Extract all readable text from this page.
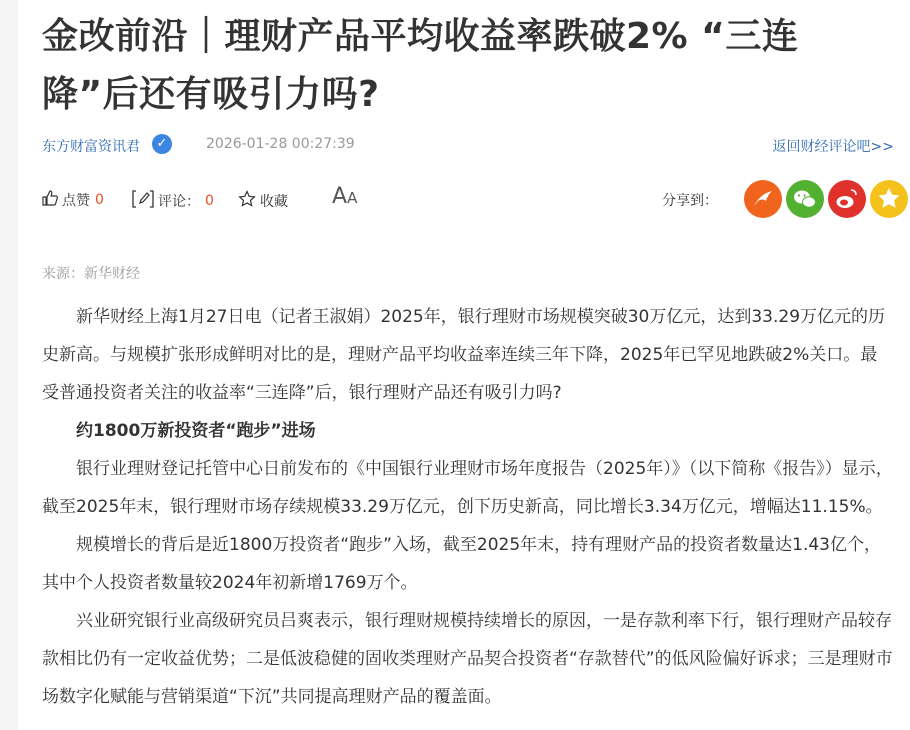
金改前沿｜理财产品平均收益率跌破2% “三连降”后还有吸引力吗?
东方财富资讯君	✓	2026-01-28 00:27:39	返回财经评论吧>>
点赞 0	评论： 0	收藏 AA	分享到：
来源：新华财经

新华财经上海1月27日电（记者王淑娟）2025年，银行理财市场规模突破30万亿元，达到33.29万亿元的历史新高。与规模扩张形成鲜明对比的是，理财产品平均收益率连续三年下降，2025年已罕见地跌破2%关口。最受普通投资者关注的收益率“三连降”后，银行理财产品还有吸引力吗?

约1800万新投资者“跑步”进场

银行业理财登记托管中心日前发布的《中国银行业理财市场年度报告（2025年）》（以下简称《报告》）显示，截至2025年末，银行理财市场存续规模33.29万亿元，创下历史新高，同比增长3.34万亿元，增幅达11.15%。

规模增长的背后是近1800万投资者“跑步”入场，截至2025年末，持有理财产品的投资者数量达1.43亿个，其中个人投资者数量较2024年初新增1769万个。

兴业研究银行业高级研究员吕爽表示，银行理财规模持续增长的原因，一是存款利率下行，银行理财产品较存款相比仍有一定收益优势；二是低波稳健的固收类理财产品契合投资者“存款替代”的低风险偏好诉求；三是理财市场数字化赋能与营销渠道“下沉”共同提高理财产品的覆盖面。
